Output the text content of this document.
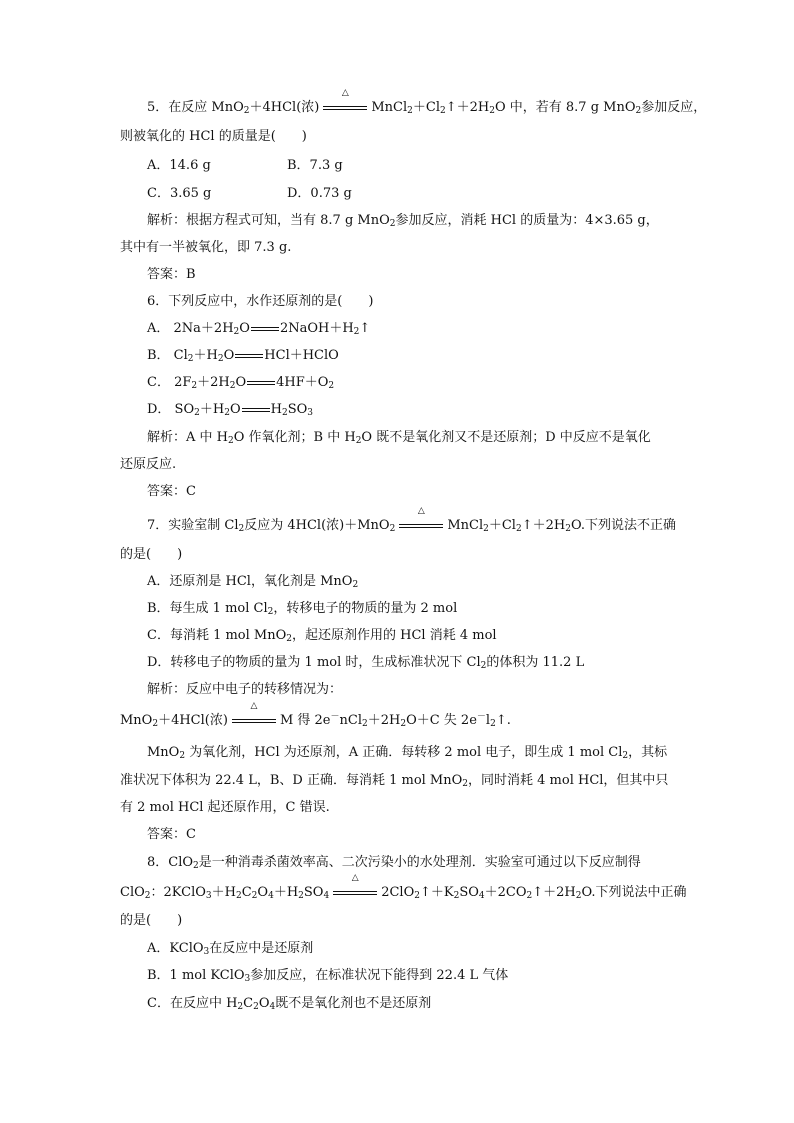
5．在反应 MnO$_2$＋4HCl(浓)
△
$MnCl_2+Cl_2↑+2H_2O$ 中，若有 8.7 g MnO$_2$参加反应，
则被氧化的 HCl 的质量是(　　)
A．14.6 g	B．7.3 g
C．3.65 g	D．0.73 g
解析：根据方程式可知，当有 8.7 g MnO$_2$参加反应，消耗 HCl 的质量为：4×3.65 g，
其中有一半被氧化，即 7.3 g.
答案：B
6．下列反应中，水作还原剂的是(　　)
A． $2Na+2H_2O$ $2NaOH+H_2↑$
B． $Cl_2+H_2O$ HCl＋HClO
C． $2F_2+2H_2O$ $4HF+O_2$
D． $SO_2+H_2O$ $H_2SO_3$
解析：A 中 $H_2O$ 作氧化剂；B 中 $H_2O$ 既不是氧化剂又不是还原剂；D 中反应不是氧化
还原反应.
答案：C
7．实验室制 $Cl_2$反应为 4HCl(浓)＋MnO$_2$
△
$MnCl_2+Cl_2↑+2H_2O$.下列说法不正确
的是(　　)
A．还原剂是 HCl，氧化剂是 MnO$_2$
B．每生成 1 mol $Cl_2$，转移电子的物质的量为 2 mol
C．每消耗 1 mol MnO$_2$，起还原剂作用的 HCl 消耗 4 mol
D．转移电子的物质的量为 1 mol 时，生成标准状况下 $Cl_2$的体积为 11.2 L
解析：反应中电子的转移情况为：
MnO$_2$＋4HCl(浓)
△
M 得 $2e^-nCl_2+2H_2O+C$ 失 $2e^-l_2↑$.
MnO$_2$ 为氧化剂，HCl 为还原剂，A 正确．每转移 2 mol 电子，即生成 1 mol $Cl_2$，其标
准状况下体积为 22.4 L，B、D 正确．每消耗 1 mol MnO$_2$，同时消耗 4 mol HCl，但其中只
有 2 mol HCl 起还原作用，C 错误.
答案：C
8．ClO$_2$是一种消毒杀菌效率高、二次污染小的水处理剂．实验室可通过以下反应制得
ClO$_2$：$2KClO_3+H_2C_2O_4+H_2SO_4$
△
$2ClO_2↑+K_2SO_4+2CO_2↑+2H_2O$.下列说法中正确
的是(　　)
A．KClO$_3$在反应中是还原剂
B．1 mol KClO$_3$参加反应，在标准状况下能得到 22.4 L 气体
C．在反应中 $H_2C_2O_4$既不是氧化剂也不是还原剂
